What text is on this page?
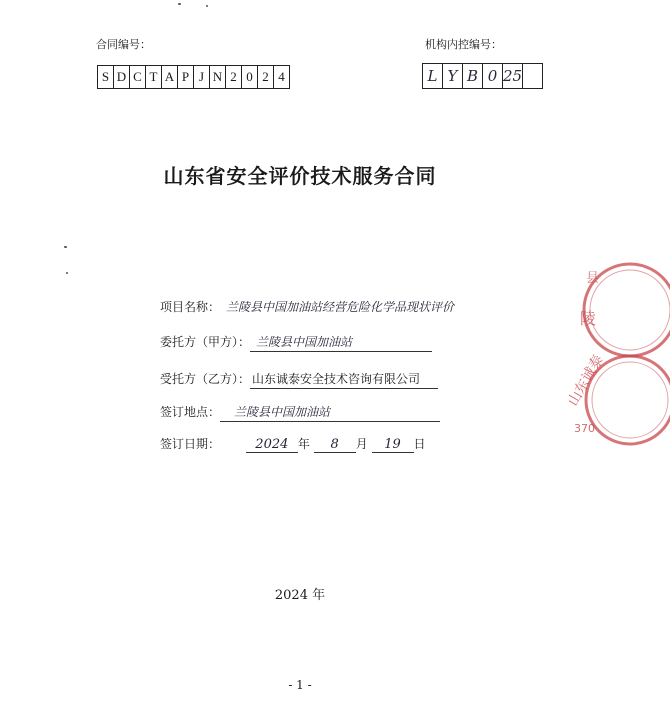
合同编号：	机构内控编号：
S D C T A P J N 2 0 2 4	L Y B 0 25
山东省安全评价技术服务合同
项目名称： 兰陵县中国加油站经营危险化学品现状评价
委托方（甲方）： 兰陵县中国加油站
受托方（乙方）： 山东诚泰安全技术咨询有限公司
签订地点： 兰陵县中国加油站
签订日期：	2024 年 8 月 19 日
2024 年
- 1 -
陵
县
山东诚泰
370
